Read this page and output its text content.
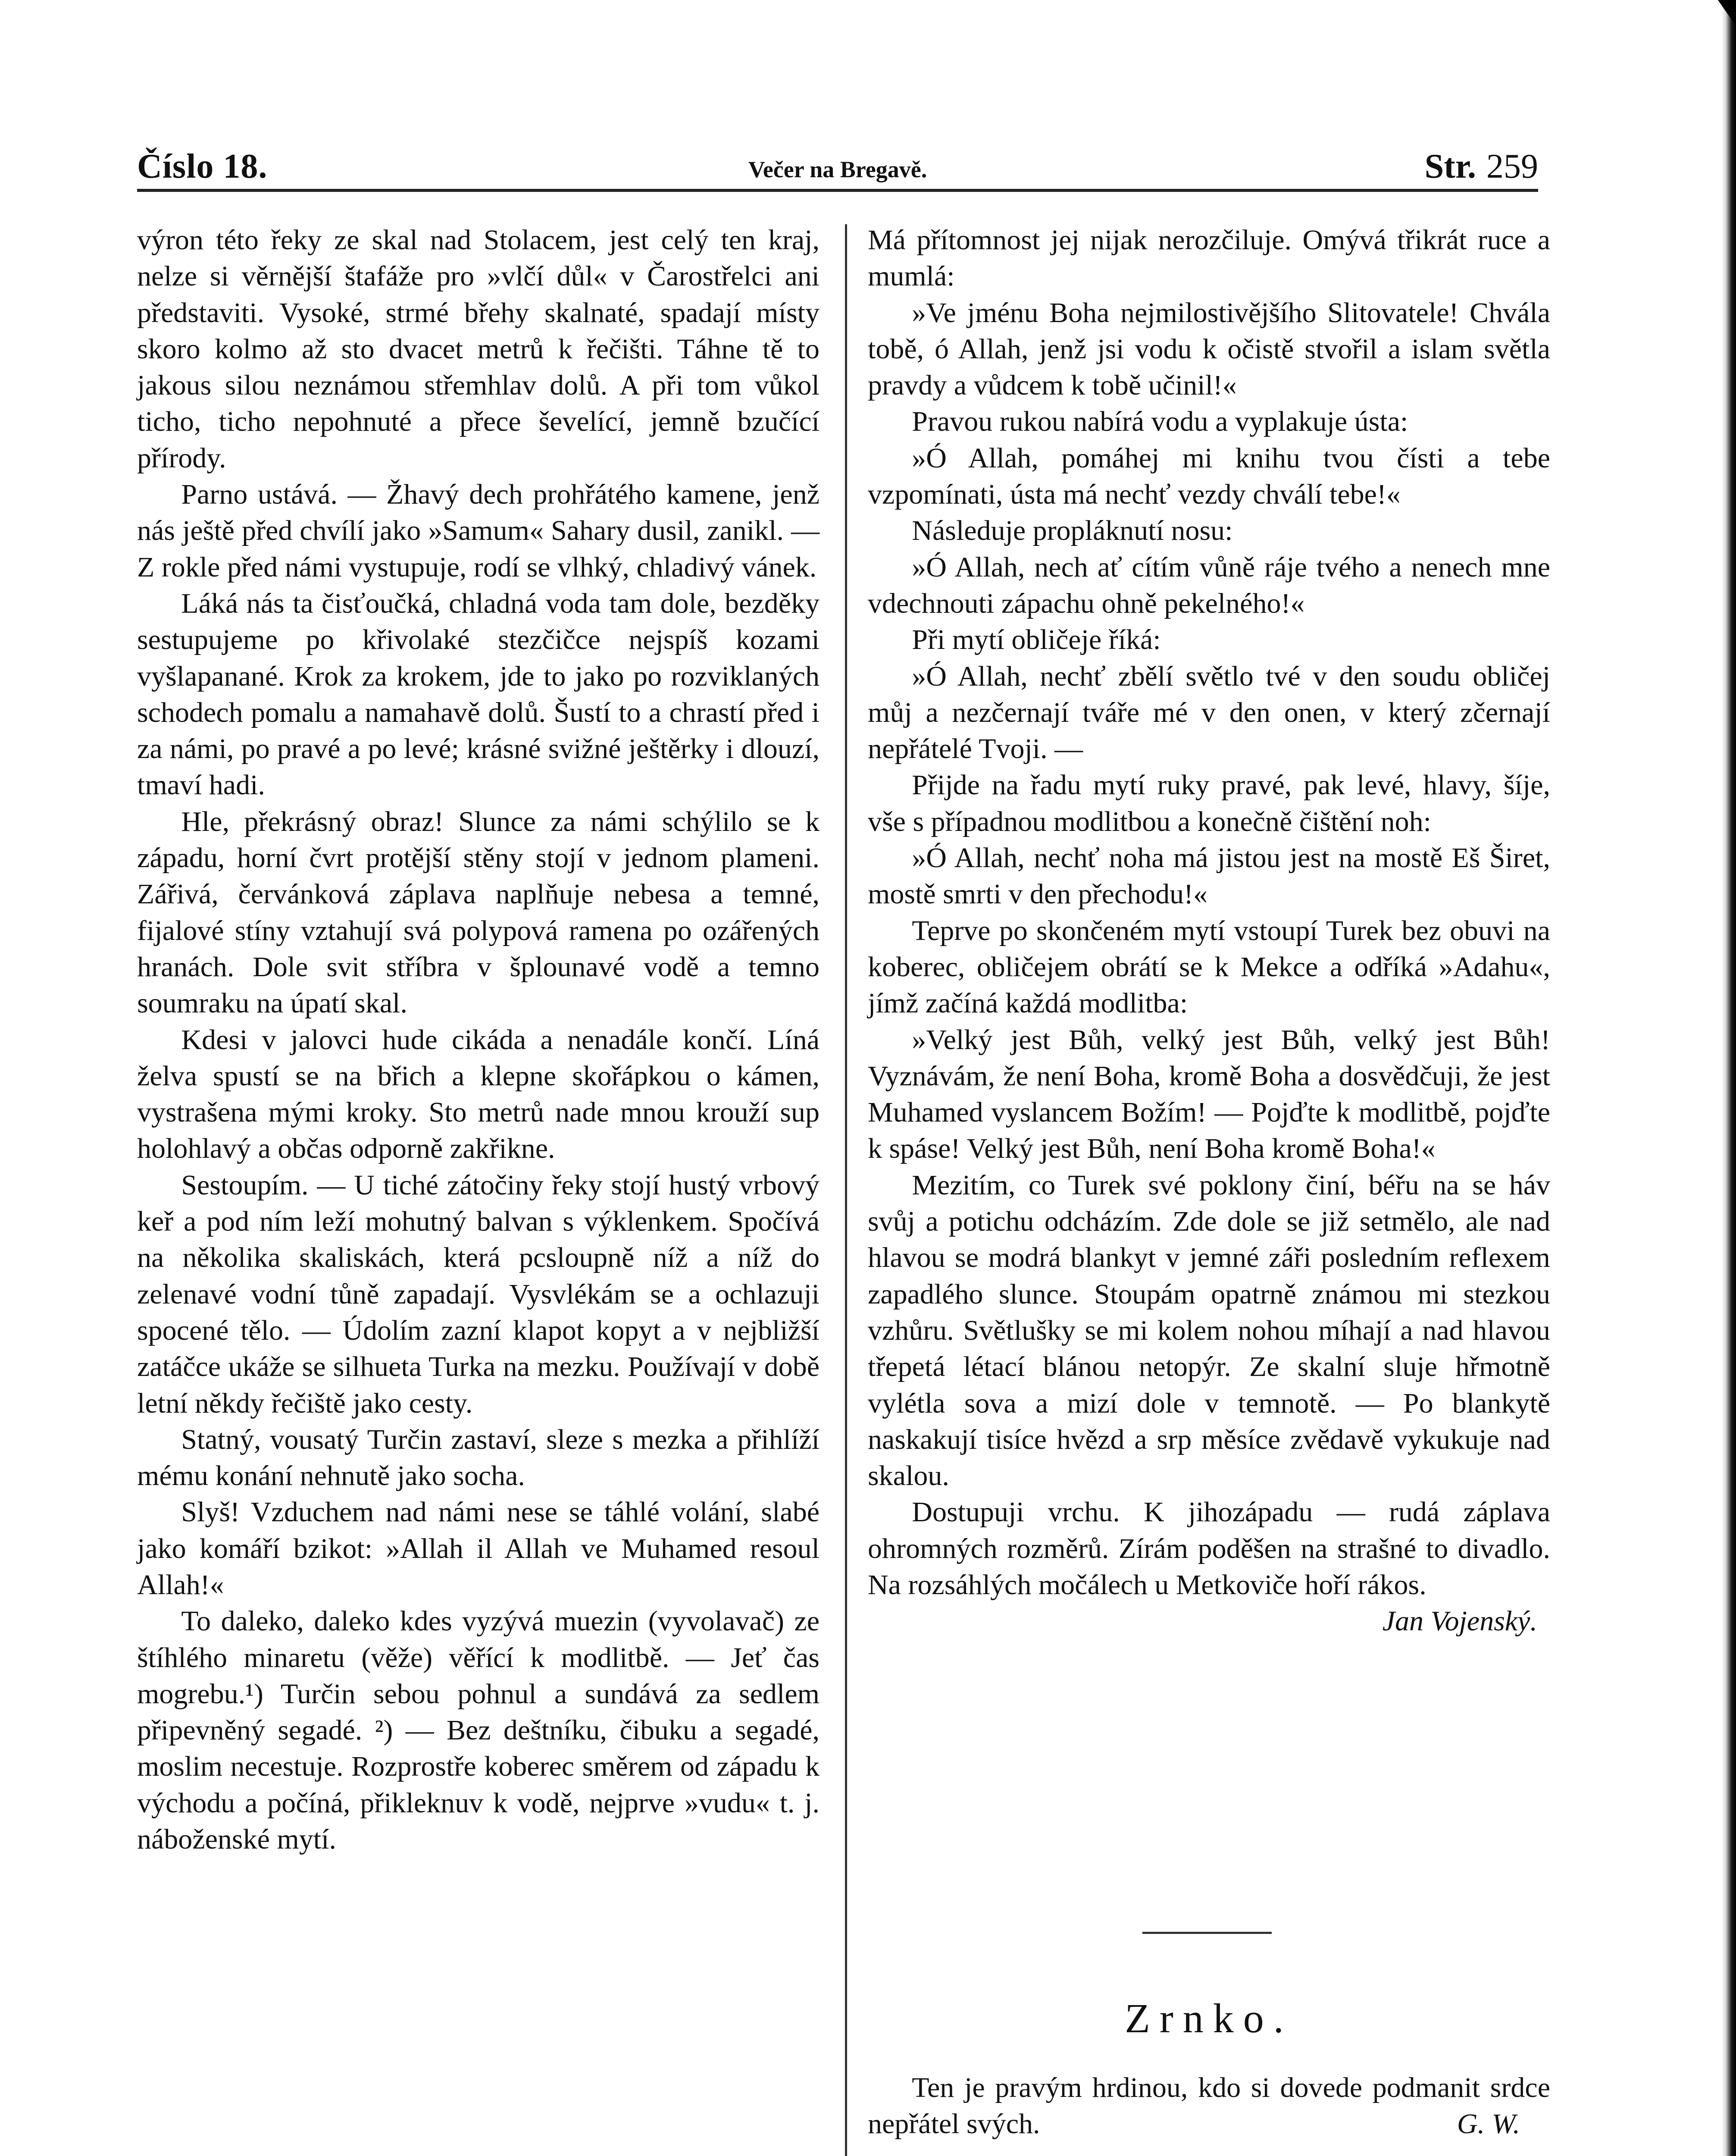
Číslo 18.	Večer na Bregavě.	Str. 259

výron této řeky ze skal nad Stolacem, jest celý ten kraj, nelze si věrnější štafáže pro »vlčí důl« v Čarostřelci ani představiti. Vysoké, strmé břehy skalnaté, spadají místy skoro kolmo až sto dvacet metrů k řečišti. Táhne tě to jakous silou neznámou střemhlav dolů. A při tom vůkol ticho, ticho nepohnuté a přece ševelící, jemně bzučící přírody.

Parno ustává. — Žhavý dech prohřátého kamene, jenž nás ještě před chvílí jako »Samum« Sahary dusil, zanikl. — Z rokle před námi vystupuje, rodí se vlhký, chladivý vánek.

Láká nás ta čisťoučká, chladná voda tam dole, bezděky sestupujeme po křivolaké stezčičce nejspíš kozami vyšlapanané. Krok za krokem, jde to jako po rozviklaných schodech pomalu a namahavě dolů. Šustí to a chrastí před i za námi, po pravé a po levé; krásné svižné ještěrky i dlouzí, tmaví hadi.

Hle, překrásný obraz! Slunce za námi schýlilo se k západu, horní čvrt protější stěny stojí v jednom plameni. Zářivá, červánková záplava naplňuje nebesa a temné, fijalové stíny vztahují svá polypová ramena po ozářených hranách. Dole svit stříbra v šplounavé vodě a temno soumraku na úpatí skal.

Kdesi v jalovci hude cikáda a nenadále končí. Líná želva spustí se na břich a klepne skořápkou o kámen, vystrašena mými kroky. Sto metrů nade mnou krouží sup holohlavý a občas odporně zakřikne.

Sestoupím. — U tiché zátočiny řeky stojí hustý vrbový keř a pod ním leží mohutný balvan s výklenkem. Spočívá na několika skaliskách, která pcsloupně níž a níž do zelenavé vodní tůně zapadají. Vysvlékám se a ochlazuji spocené tělo. — Údolím zazní klapot kopyt a v nejbližší zatáčce ukáže se silhueta Turka na mezku. Používají v době letní někdy řečiště jako cesty.

Statný, vousatý Turčin zastaví, sleze s mezka a přihlíží mému konání nehnutě jako socha.

Slyš! Vzduchem nad námi nese se táhlé volání, slabé jako komáří bzikot: »Allah il Allah ve Muhamed resoul Allah!«

To daleko, daleko kdes vyzývá muezin (vyvolavač) ze štíhlého minaretu (věže) věřící k modlitbě. — Jeť čas mogrebu.¹) Turčin sebou pohnul a sundává za sedlem připevněný segadé. ²) — Bez deštníku, čibuku a segadé, moslim necestuje. Rozprostře koberec směrem od západu k východu a počíná, přikleknuv k vodě, nejprve »vudu« t. j. náboženské mytí.

Má přítomnost jej nijak nerozčiluje. Omývá třikrát ruce a mumlá:

»Ve jménu Boha nejmilostivějšího Slitovatele! Chvála tobě, ó Allah, jenž jsi vodu k očistě stvořil a islam světla pravdy a vůdcem k tobě učinil!«

Pravou rukou nabírá vodu a vyplakuje ústa:

»Ó Allah, pomáhej mi knihu tvou čísti a tebe vzpomínati, ústa má nechť vezdy chválí tebe!«

Následuje propláknutí nosu:

»Ó Allah, nech ať cítím vůně ráje tvého a nenech mne vdechnouti zápachu ohně pekelného!«

Při mytí obličeje říká:

»Ó Allah, nechť zbělí světlo tvé v den soudu obličej můj a nezčernají tváře mé v den onen, v který zčernají nepřátelé Tvoji. —

Přijde na řadu mytí ruky pravé, pak levé, hlavy, šíje, vše s případnou modlitbou a konečně čištění noh:

»Ó Allah, nechť noha má jistou jest na mostě Eš Širet, mostě smrti v den přechodu!«

Teprve po skončeném mytí vstoupí Turek bez obuvi na koberec, obličejem obrátí se k Mekce a odříká »Adahu«, jímž začíná každá modlitba:

»Velký jest Bůh, velký jest Bůh, velký jest Bůh! Vyznávám, že není Boha, kromě Boha a dosvědčuji, že jest Muhamed vyslancem Božím! — Pojďte k modlitbě, pojďte k spáse! Velký jest Bůh, není Boha kromě Boha!«

Mezitím, co Turek své poklony činí, béřu na se háv svůj a potichu odcházím. Zde dole se již setmělo, ale nad hlavou se modrá blankyt v jemné záři posledním reflexem zapadlého slunce. Stoupám opatrně známou mi stezkou vzhůru. Světlušky se mi kolem nohou míhají a nad hlavou třepetá létací blánou netopýr. Ze skalní sluje hřmotně vylétla sova a mizí dole v temnotě. — Po blankytě naskakují tisíce hvězd a srp měsíce zvědavě vykukuje nad skalou.

Dostupuji vrchu. K jihozápadu — rudá záplava ohromných rozměrů. Zírám poděšen na strašné to divadlo. Na rozsáhlých močálech u Metkoviče hoří rákos.
Jan Vojenský.

Zrnko.
Ten je pravým hrdinou, kdo si dovede podmanit srdce nepřátel svých.	G. W.
